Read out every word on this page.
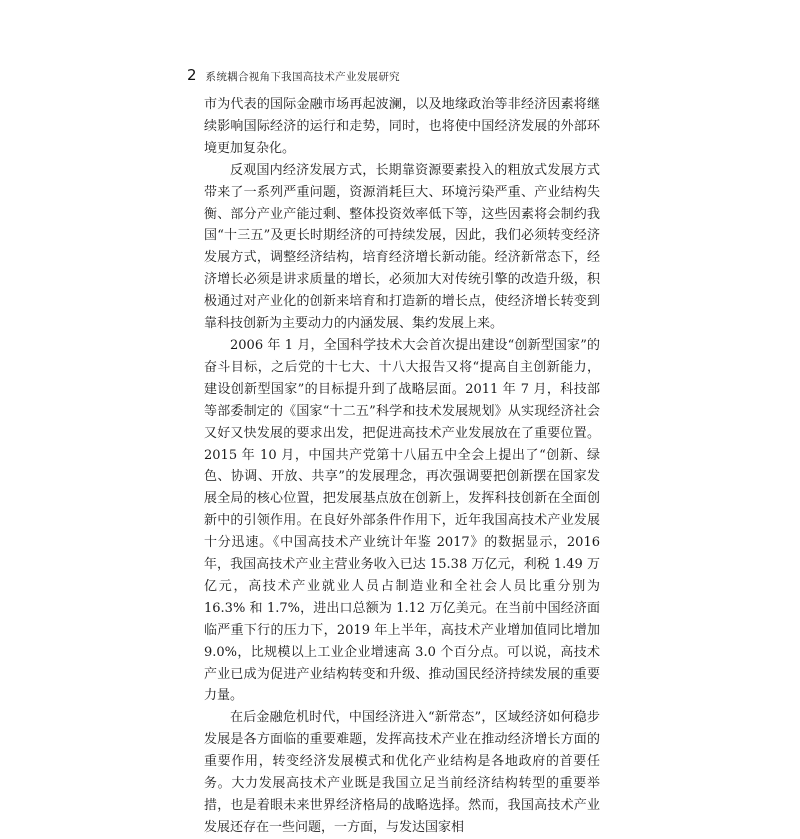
2 系统耦合视角下我国高技术产业发展研究

市为代表的国际金融市场再起波澜，以及地缘政治等非经济因素将继续影响国际经济的运行和走势，同时，也将使中国经济发展的外部环境更加复杂化。

反观国内经济发展方式，长期靠资源要素投入的粗放式发展方式带来了一系列严重问题，资源消耗巨大、环境污染严重、产业结构失衡、部分产业产能过剩、整体投资效率低下等，这些因素将会制约我国“十三五”及更长时期经济的可持续发展，因此，我们必须转变经济发展方式，调整经济结构，培育经济增长新动能。经济新常态下，经济增长必须是讲求质量的增长，必须加大对传统引擎的改造升级，积极通过对产业化的创新来培育和打造新的增长点，使经济增长转变到靠科技创新为主要动力的内涵发展、集约发展上来。

2006 年 1 月，全国科学技术大会首次提出建设“创新型国家”的奋斗目标，之后党的十七大、十八大报告又将“提高自主创新能力，建设创新型国家”的目标提升到了战略层面。2011 年 7 月，科技部等部委制定的《国家“十二五”科学和技术发展规划》从实现经济社会又好又快发展的要求出发，把促进高技术产业发展放在了重要位置。2015 年 10 月，中国共产党第十八届五中全会上提出了“创新、绿色、协调、开放、共享”的发展理念，再次强调要把创新摆在国家发展全局的核心位置，把发展基点放在创新上，发挥科技创新在全面创新中的引领作用。在良好外部条件作用下，近年我国高技术产业发展十分迅速。《中国高技术产业统计年鉴 2017》的数据显示，2016 年，我国高技术产业主营业务收入已达 15.38 万亿元，利税 1.49 万亿元，高技术产业就业人员占制造业和全社会人员比重分别为 16.3% 和 1.7%，进出口总额为 1.12 万亿美元。在当前中国经济面临严重下行的压力下，2019 年上半年，高技术产业增加值同比增加 9.0%，比规模以上工业企业增速高 3.0 个百分点。可以说，高技术产业已成为促进产业结构转变和升级、推动国民经济持续发展的重要力量。

在后金融危机时代，中国经济进入“新常态”，区域经济如何稳步发展是各方面临的重要难题，发挥高技术产业在推动经济增长方面的重要作用，转变经济发展模式和优化产业结构是各地政府的首要任务。大力发展高技术产业既是我国立足当前经济结构转型的重要举措，也是着眼未来世界经济格局的战略选择。然而，我国高技术产业发展还存在一些问题，一方面，与发达国家相
